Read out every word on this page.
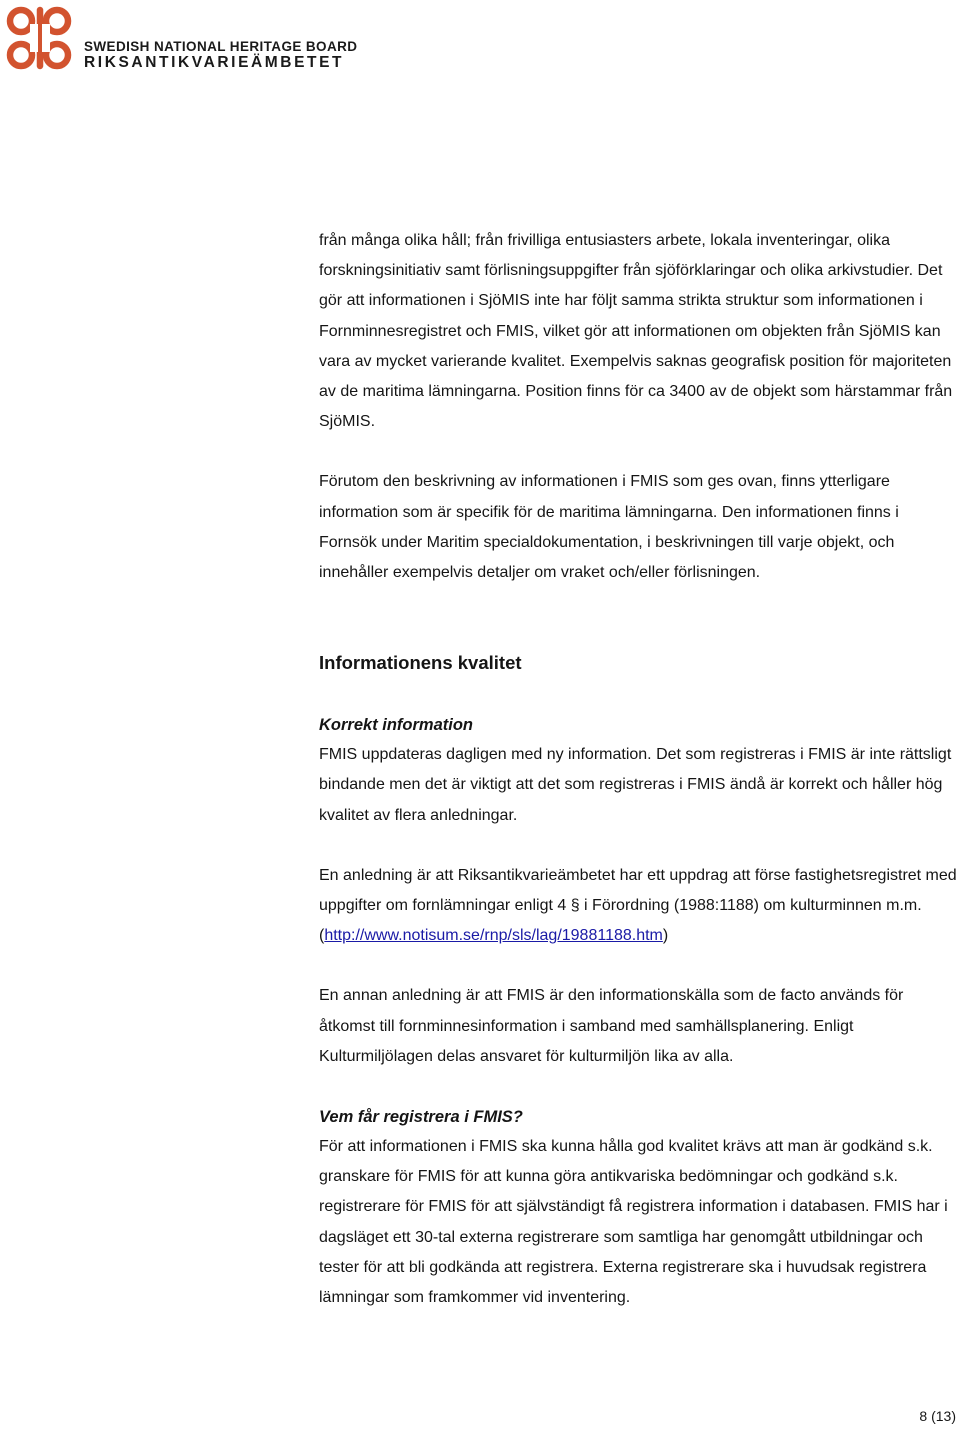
SWEDISH NATIONAL HERITAGE BOARD
RIKSANTIKVARIEÄMBETET

från många olika håll; från frivilliga entusiasters arbete, lokala inventeringar, olika forskningsinitiativ samt förlisningsuppgifter från sjöförklaringar och olika arkivstudier. Det gör att informationen i SjöMIS inte har följt samma strikta struktur som informationen i Fornminnesregistret och FMIS, vilket gör att informationen om objekten från SjöMIS kan vara av mycket varierande kvalitet. Exempelvis saknas geografisk position för majoriteten av de maritima lämningarna. Position finns för ca 3400 av de objekt som härstammar från SjöMIS.

Förutom den beskrivning av informationen i FMIS som ges ovan, finns ytterligare information som är specifik för de maritima lämningarna. Den informationen finns i Fornsök under Maritim specialdokumentation, i beskrivningen till varje objekt, och innehåller exempelvis detaljer om vraket och/eller förlisningen.

Informationens kvalitet
Korrekt information

FMIS uppdateras dagligen med ny information. Det som registreras i FMIS är inte rättsligt bindande men det är viktigt att det som registreras i FMIS ändå är korrekt och håller hög kvalitet av flera anledningar.

En anledning är att Riksantikvarieämbetet har ett uppdrag att förse fastighetsregistret med uppgifter om fornlämningar enligt 4 § i Förordning (1988:1188) om kulturminnen m.m. (http://www.notisum.se/rnp/sls/lag/19881188.htm)

En annan anledning är att FMIS är den informationskälla som de facto används för åtkomst till fornminnesinformation i samband med samhällsplanering. Enligt Kulturmiljölagen delas ansvaret för kulturmiljön lika av alla.

Vem får registrera i FMIS?

För att informationen i FMIS ska kunna hålla god kvalitet krävs att man är godkänd s.k. granskare för FMIS för att kunna göra antikvariska bedömningar och godkänd s.k. registrerare för FMIS för att självständigt få registrera information i databasen. FMIS har i dagsläget ett 30-tal externa registrerare som samtliga har genomgått utbildningar och tester för att bli godkända att registrera. Externa registrerare ska i huvudsak registrera lämningar som framkommer vid inventering.

8 (13)
